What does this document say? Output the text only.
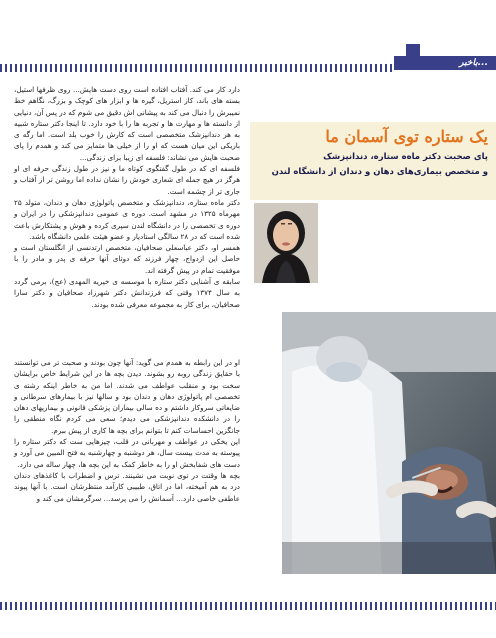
باخبر...

دارد کار می کند. آفتاب افتاده است روی دست هایش... روی ظرفها استیل، بسته های باند، کاز استریل، گیره ها و ابزار های کوچک و بزرگ، نگاهم خط نمیبرش را دنبال می کند به پیشانی اش دقیق می شوم که در پس آن، دنیایی از دانسته ها و مهارت ها و تجربه ها را با خود دارد. تا اینجا دکتر ستاره شبیه به هر دندانپزشک متخصصی است که کارش را خوب بلد است. اما رگه ی باریکی این میان هست که او را از خیلی ها متمایز می کند و همدم را پای صحبت هایش می نشاند: فلسفه ای زیبا برای زندگی...

فلسفه ای که در طول گفتگوی کوتاه ما و نیز در طول زندگی حرفه ای او هرگز در هیچ جمله ای شعاری خودش را نشان نداده اما روشن تر از آفتاب و جاری تر از چشمه است.

دکتر ماه‌ه ستاره، دندانپزشک و متخصص پاتولوژی دهان و دندان، متولد ۲۵ مهرماه ۱۳۲۵ در مشهد است. دوره ی عمومی دندانپزشکی را در ایران و دوره ی تخصصی را در دانشگاه لندن سپری کرده و هوش و پشتکارش باعث شده است که در ۲۸ سالگی استادیار و عضو هیئت علمی دانشگاه باشد.

همسر او، دکتر عباسعلی صحافیان، متخصص ارتدنسی از انگلستان است و حاصل این ازدواج، چهار فرزند که دوتای آنها حرفه ی پدر و مادر را با موفقیت تمام در پیش گرفته اند.

سابقه ی آشنایی دکتر ستاره با موسسه ی خیریه المهدی (عج)، برمی گردد به سال ۱۳۷۴ وقتی که فرزندانش دکتر شهرزاد صحافیان و دکتر سارا صحافیان، برای کار به مجموعه معرفی شده بودند.

او در این رابطه به همدم می گوید: آنها چون بودند و صحبت تر می توانستند با حقایق زندگی روبه رو بشوند. دیدن بچه ها در این شرایط خاص برایشان سخت بود و منقلب عواطف می شدند. اما من به خاطر اینکه رشته ی تخصصی ام پاتولوژی دهان و دندان بود و سالها نیز با بیمارهای سرطانی و ضایعاتی سروکار داشتم و ده سالی بیماران پزشکی قانونی و بیماریهای دهان را در دانشکده دندانپزشکی می دیدم؛ سعی می کردم نگاه منطقی را جانگزین احساسات کنم تا بتوانم برای بچه ها کاری از پیش ببرم.

این یخکی در عواطف و مهربانی در قلب، چیزهایی ست که دکتر ستاره را پیوسته به مدت بیست سال، هر دوشنبه و چهارشنبه به فتح المبین می آورد و دست های شفابخش او را به خاطر کمک به این بچه ها، چهار ساله می دارد.

بچه ها وقتت در توی نوبت می نشینند. ترس و اضطراب با کاغذهای دندان درد به هم آمیخته، اما در اتاق، طبیبی کارآمد منتظرشان است. با آنها پیوند عاطفی خاصی دارد... آسمانش را می پرسد... سرگرمشان می کند و

یک ستاره توی آسمان ما
پای صحبت دکتر ماه‌ه ستاره، دندانپزشک
و متخصص بیماری‌های دهان و دندان از دانشگاه لندن
